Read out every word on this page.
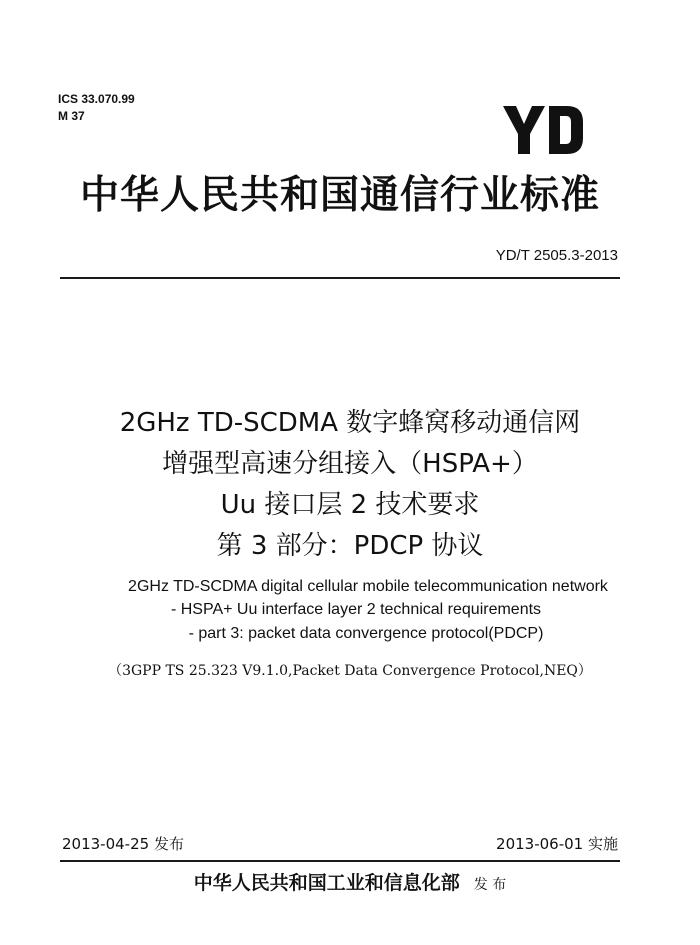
ICS 33.070.99
M 37
中华人民共和国通信行业标准
YD/T 2505.3-2013
2GHz TD-SCDMA 数字蜂窝移动通信网
增强型高速分组接入（HSPA+）
Uu 接口层 2 技术要求
第 3 部分：PDCP 协议
2GHz TD-SCDMA digital cellular mobile telecommunication network
- HSPA+ Uu interface layer 2 technical requirements
- part 3: packet data convergence protocol(PDCP)
（3GPP TS 25.323 V9.1.0,Packet Data Convergence Protocol,NEQ）
2013-04-25 发布	2013-06-01 实施
中华人民共和国工业和信息化部 发 布
